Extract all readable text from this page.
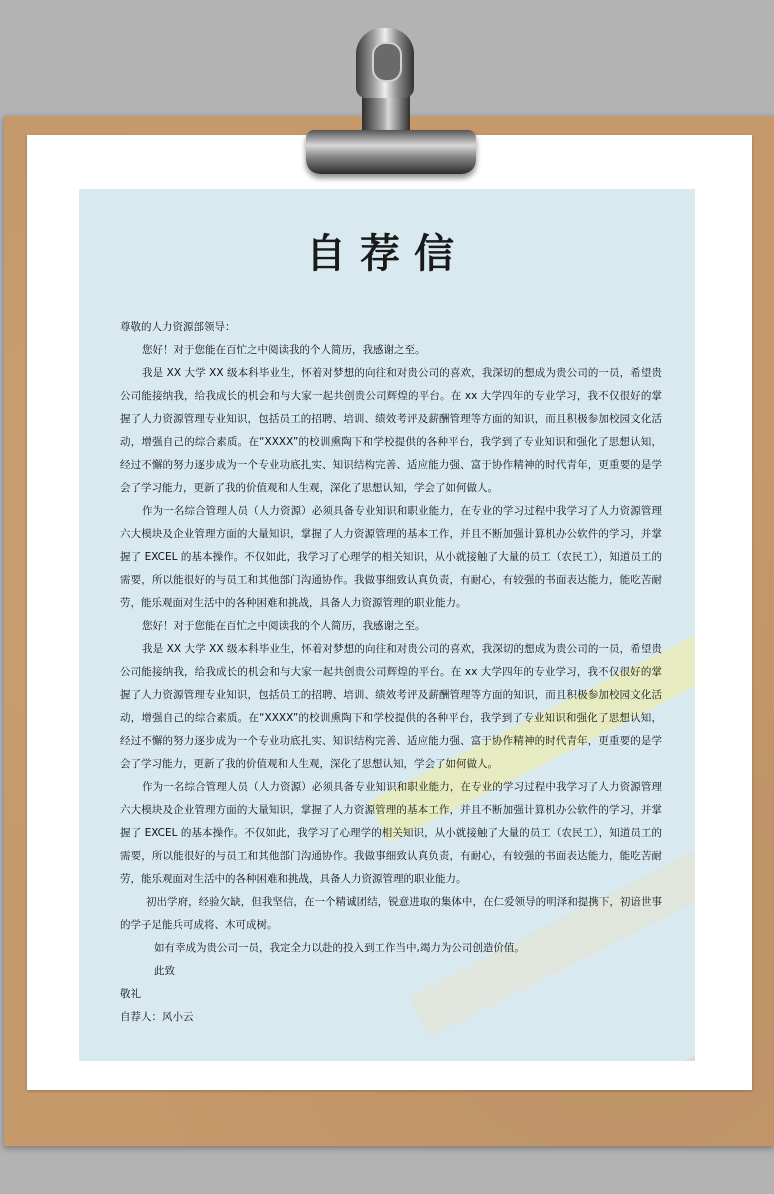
自荐信

尊敬的人力资源部领导：

您好！对于您能在百忙之中阅读我的个人简历，我感谢之至。

我是 XX 大学 XX 级本科毕业生，怀着对梦想的向往和对贵公司的喜欢，我深切的想成为贵公司的一员，希望贵公司能接纳我，给我成长的机会和与大家一起共创贵公司辉煌的平台。在 xx 大学四年的专业学习，我不仅很好的掌握了人力资源管理专业知识，包括员工的招聘、培训、绩效考评及薪酬管理等方面的知识，而且积极参加校园文化活动，增强自己的综合素质。在“XXXX”的校训熏陶下和学校提供的各种平台，我学到了专业知识和强化了思想认知，经过不懈的努力逐步成为一个专业功底扎实、知识结构完善、适应能力强、富于协作精神的时代青年，更重要的是学会了学习能力，更新了我的价值观和人生观，深化了思想认知，学会了如何做人。

作为一名综合管理人员（人力资源）必须具备专业知识和职业能力，在专业的学习过程中我学习了人力资源管理六大模块及企业管理方面的大量知识，掌握了人力资源管理的基本工作，并且不断加强计算机办公软件的学习，并掌握了 EXCEL 的基本操作。不仅如此，我学习了心理学的相关知识，从小就接触了大量的员工（农民工），知道员工的需要，所以能很好的与员工和其他部门沟通协作。我做事细致认真负责，有耐心，有较强的书面表达能力，能吃苦耐劳，能乐观面对生活中的各种困难和挑战，具备人力资源管理的职业能力。

您好！对于您能在百忙之中阅读我的个人简历，我感谢之至。

我是 XX 大学 XX 级本科毕业生，怀着对梦想的向往和对贵公司的喜欢，我深切的想成为贵公司的一员，希望贵公司能接纳我，给我成长的机会和与大家一起共创贵公司辉煌的平台。在 xx 大学四年的专业学习，我不仅很好的掌握了人力资源管理专业知识，包括员工的招聘、培训、绩效考评及薪酬管理等方面的知识，而且积极参加校园文化活动，增强自己的综合素质。在“XXXX”的校训熏陶下和学校提供的各种平台，我学到了专业知识和强化了思想认知，经过不懈的努力逐步成为一个专业功底扎实、知识结构完善、适应能力强、富于协作精神的时代青年，更重要的是学会了学习能力，更新了我的价值观和人生观，深化了思想认知，学会了如何做人。

作为一名综合管理人员（人力资源）必须具备专业知识和职业能力，在专业的学习过程中我学习了人力资源管理六大模块及企业管理方面的大量知识，掌握了人力资源管理的基本工作，并且不断加强计算机办公软件的学习，并掌握了 EXCEL 的基本操作。不仅如此，我学习了心理学的相关知识，从小就接触了大量的员工（农民工），知道员工的需要，所以能很好的与员工和其他部门沟通协作。我做事细致认真负责，有耐心，有较强的书面表达能力，能吃苦耐劳，能乐观面对生活中的各种困难和挑战，具备人力资源管理的职业能力。

初出学府，经验欠缺，但我坚信，在一个精诚团结，锐意进取的集体中，在仁爱领导的明泽和提携下，初谙世事的学子足能兵可成将、木可成树。

如有幸成为贵公司一员，我定全力以赴的投入到工作当中,竭力为公司创造价值。

此致

敬礼

自荐人：风小云
